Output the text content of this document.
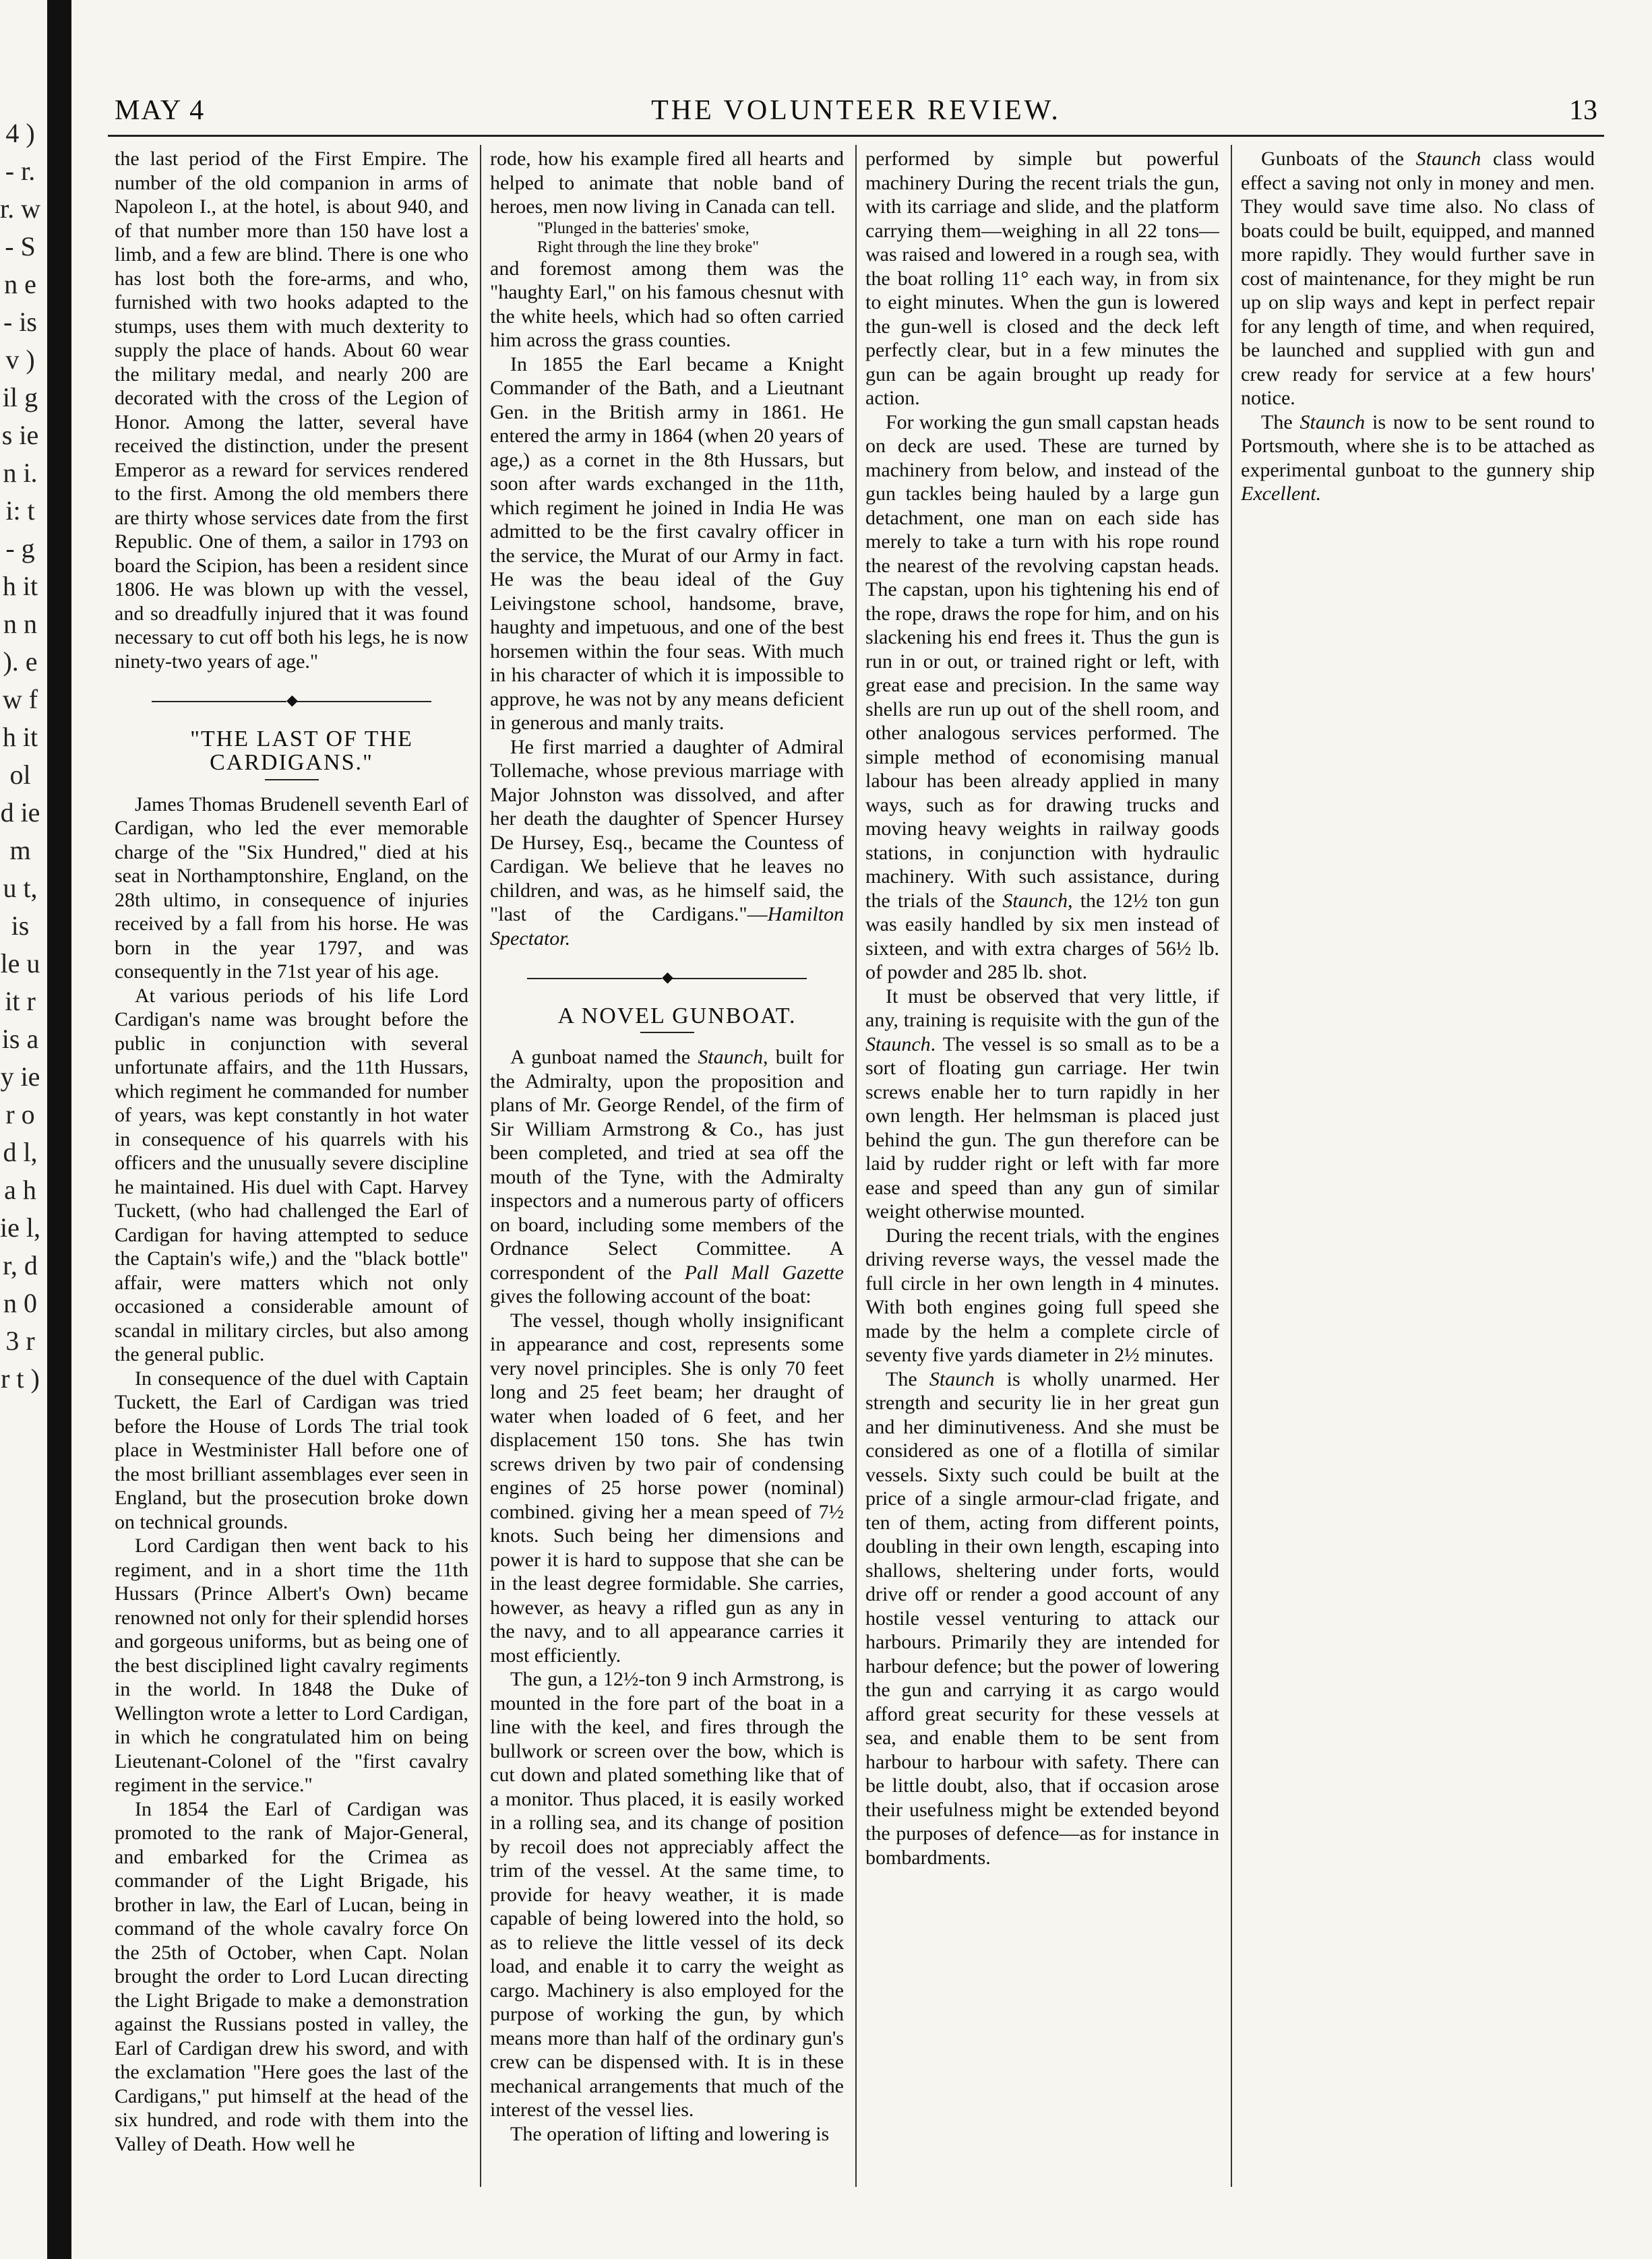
4 ) - r. r. w - S n e - is v ) il g s ie n i. i: t - g h it n n ). e w f h it ol d ie m u t, is le u it r is a y ie r o d l, a h ie l, r, d n 0 3 r r t )
MAY 4	THE VOLUNTEER REVIEW.	13

the last period of the First Empire. The number of the old companion in arms of Napoleon I., at the hotel, is about 940, and of that number more than 150 have lost a limb, and a few are blind. There is one who has lost both the fore-arms, and who, furnished with two hooks adapted to the stumps, uses them with much dexterity to supply the place of hands. About 60 wear the military medal, and nearly 200 are decorated with the cross of the Legion of Honor. Among the latter, several have received the distinction, under the present Emperor as a reward for services rendered to the first. Among the old members there are thirty whose services date from the first Republic. One of them, a sailor in 1793 on board the Scipion, has been a resident since 1806. He was blown up with the vessel, and so dreadfully injured that it was found necessary to cut off both his legs, he is now ninety-two years of age."

◆

"THE LAST OF THE CARDIGANS."

James Thomas Brudenell seventh Earl of Cardigan, who led the ever memorable charge of the "Six Hundred," died at his seat in Northamptonshire, England, on the 28th ultimo, in consequence of injuries received by a fall from his horse. He was born in the year 1797, and was consequently in the 71st year of his age.

At various periods of his life Lord Cardigan's name was brought before the public in conjunction with several unfortunate affairs, and the 11th Hussars, which regiment he commanded for number of years, was kept constantly in hot water in consequence of his quarrels with his officers and the unusually severe discipline he maintained. His duel with Capt. Harvey Tuckett, (who had challenged the Earl of Cardigan for having attempted to seduce the Captain's wife,) and the "black bottle" affair, were matters which not only occasioned a considerable amount of scandal in military circles, but also among the general public.

In consequence of the duel with Captain Tuckett, the Earl of Cardigan was tried before the House of Lords The trial took place in Westminister Hall before one of the most brilliant assemblages ever seen in England, but the prosecution broke down on technical grounds.

Lord Cardigan then went back to his regiment, and in a short time the 11th Hussars (Prince Albert's Own) became renowned not only for their splendid horses and gorgeous uniforms, but as being one of the best disciplined light cavalry regiments in the world. In 1848 the Duke of Wellington wrote a letter to Lord Cardigan, in which he congratulated him on being Lieutenant-Colonel of the "first cavalry regiment in the service."

In 1854 the Earl of Cardigan was promoted to the rank of Major-General, and embarked for the Crimea as commander of the Light Brigade, his brother in law, the Earl of Lucan, being in command of the whole cavalry force On the 25th of October, when Capt. Nolan brought the order to Lord Lucan directing the Light Brigade to make a demonstration against the Russians posted in valley, the Earl of Cardigan drew his sword, and with the exclamation "Here goes the last of the Cardigans," put himself at the head of the six hundred, and rode with them into the Valley of Death. How well he

rode, how his example fired all hearts and helped to animate that noble band of heroes, men now living in Canada can tell.

"Plunged in the batteries' smoke,

Right through the line they broke"

and foremost among them was the "haughty Earl," on his famous chesnut with the white heels, which had so often carried him across the grass counties.

In 1855 the Earl became a Knight Commander of the Bath, and a Lieutnant Gen. in the British army in 1861. He entered the army in 1864 (when 20 years of age,) as a cornet in the 8th Hussars, but soon after wards exchanged in the 11th, which regiment he joined in India He was admitted to be the first cavalry officer in the service, the Murat of our Army in fact. He was the beau ideal of the Guy Leivingstone school, handsome, brave, haughty and impetuous, and one of the best horsemen within the four seas. With much in his character of which it is impossible to approve, he was not by any means deficient in generous and manly traits.

He first married a daughter of Admiral Tollemache, whose previous marriage with Major Johnston was dissolved, and after her death the daughter of Spencer Hursey De Hursey, Esq., became the Countess of Cardigan. We believe that he leaves no children, and was, as he himself said, the "last of the Cardigans."—Hamilton Spectator.

◆

A NOVEL GUNBOAT.

A gunboat named the Staunch, built for the Admiralty, upon the proposition and plans of Mr. George Rendel, of the firm of Sir William Armstrong & Co., has just been completed, and tried at sea off the mouth of the Tyne, with the Admiralty inspectors and a numerous party of officers on board, including some members of the Ordnance Select Committee. A correspondent of the Pall Mall Gazette gives the following account of the boat:

The vessel, though wholly insignificant in appearance and cost, represents some very novel principles. She is only 70 feet long and 25 feet beam; her draught of water when loaded of 6 feet, and her displacement 150 tons. She has twin screws driven by two pair of condensing engines of 25 horse power (nominal) combined. giving her a mean speed of 7½ knots. Such being her dimensions and power it is hard to suppose that she can be in the least degree formidable. She carries, however, as heavy a rifled gun as any in the navy, and to all appearance carries it most efficiently.

The gun, a 12½-ton 9 inch Armstrong, is mounted in the fore part of the boat in a line with the keel, and fires through the bullwork or screen over the bow, which is cut down and plated something like that of a monitor. Thus placed, it is easily worked in a rolling sea, and its change of position by recoil does not appreciably affect the trim of the vessel. At the same time, to provide for heavy weather, it is made capable of being lowered into the hold, so as to relieve the little vessel of its deck load, and enable it to carry the weight as cargo. Machinery is also employed for the purpose of working the gun, by which means more than half of the ordinary gun's crew can be dispensed with. It is in these mechanical arrangements that much of the interest of the vessel lies.

The operation of lifting and lowering is

performed by simple but powerful machinery During the recent trials the gun, with its carriage and slide, and the platform carrying them—weighing in all 22 tons—was raised and lowered in a rough sea, with the boat rolling 11° each way, in from six to eight minutes. When the gun is lowered the gun-well is closed and the deck left perfectly clear, but in a few minutes the gun can be again brought up ready for action.

For working the gun small capstan heads on deck are used. These are turned by machinery from below, and instead of the gun tackles being hauled by a large gun detachment, one man on each side has merely to take a turn with his rope round the nearest of the revolving capstan heads. The capstan, upon his tightening his end of the rope, draws the rope for him, and on his slackening his end frees it. Thus the gun is run in or out, or trained right or left, with great ease and precision. In the same way shells are run up out of the shell room, and other analogous services performed. The simple method of economising manual labour has been already applied in many ways, such as for drawing trucks and moving heavy weights in railway goods stations, in conjunction with hydraulic machinery. With such assistance, during the trials of the Staunch, the 12½ ton gun was easily handled by six men instead of sixteen, and with extra charges of 56½ lb. of powder and 285 lb. shot.

It must be observed that very little, if any, training is requisite with the gun of the Staunch. The vessel is so small as to be a sort of floating gun carriage. Her twin screws enable her to turn rapidly in her own length. Her helmsman is placed just behind the gun. The gun therefore can be laid by rudder right or left with far more ease and speed than any gun of similar weight otherwise mounted.

During the recent trials, with the engines driving reverse ways, the vessel made the full circle in her own length in 4 minutes. With both engines going full speed she made by the helm a complete circle of seventy five yards diameter in 2½ minutes.

The Staunch is wholly unarmed. Her strength and security lie in her great gun and her diminutiveness. And she must be considered as one of a flotilla of similar vessels. Sixty such could be built at the price of a single armour-clad frigate, and ten of them, acting from different points, doubling in their own length, escaping into shallows, sheltering under forts, would drive off or render a good account of any hostile vessel venturing to attack our harbours. Primarily they are intended for harbour defence; but the power of lowering the gun and carrying it as cargo would afford great security for these vessels at sea, and enable them to be sent from harbour to harbour with safety. There can be little doubt, also, that if occasion arose their usefulness might be extended beyond the purposes of defence—as for instance in bombardments.

Gunboats of the Staunch class would effect a saving not only in money and men. They would save time also. No class of boats could be built, equipped, and manned more rapidly. They would further save in cost of maintenance, for they might be run up on slip ways and kept in perfect repair for any length of time, and when required, be launched and supplied with gun and crew ready for service at a few hours' notice.

The Staunch is now to be sent round to Portsmouth, where she is to be attached as experimental gunboat to the gunnery ship Excellent.
